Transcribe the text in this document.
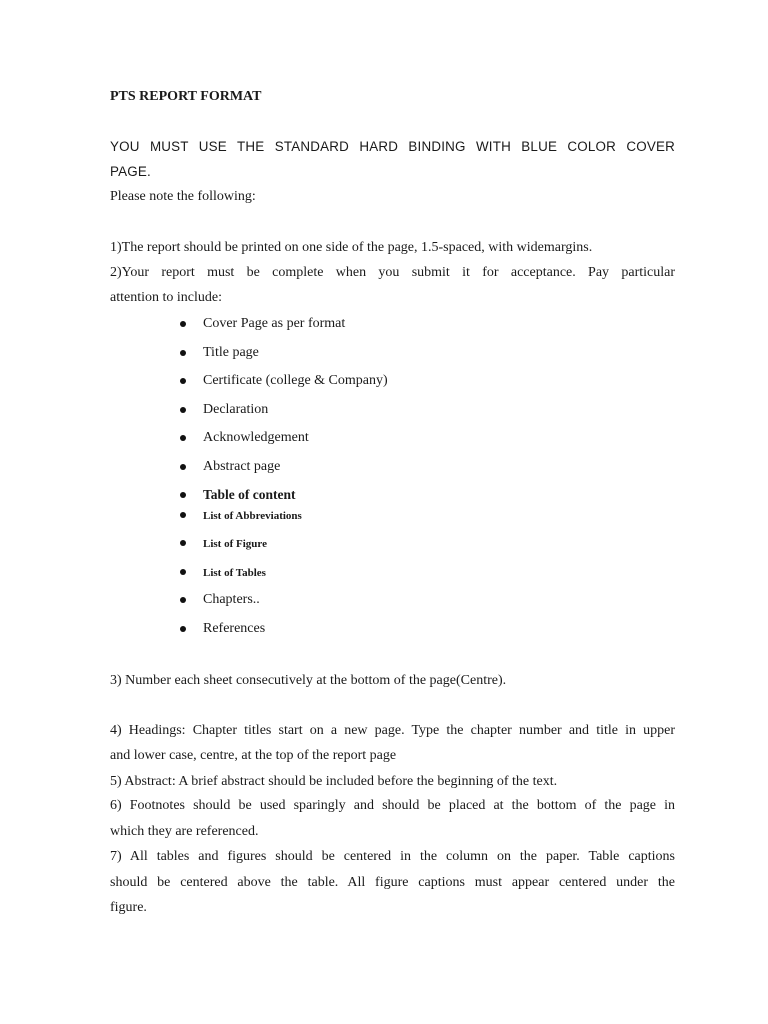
PTS REPORT FORMAT
YOU MUST USE THE STANDARD HARD BINDING WITH BLUE COLOR COVER
PAGE.
Please note the following:
1)The report should be printed on one side of the page, 1.5-spaced, with widemargins.
2)Your report must be complete when you submit it for acceptance. Pay particular
attention to include:
Cover Page as per format
Title page
Certificate (college & Company)
Declaration
Acknowledgement
Abstract page
Table of content
List of Abbreviations
List of Figure
List of Tables
Chapters..
References
3) Number each sheet consecutively at the bottom of the page(Centre).
4) Headings: Chapter titles start on a new page. Type the chapter number and title in upper
and lower case, centre, at the top of the report page
5) Abstract: A brief abstract should be included before the beginning of the text.
6) Footnotes should be used sparingly and should be placed at the bottom of the page in
which they are referenced.
7) All tables and figures should be centered in the column on the paper. Table captions
should be centered above the table. All figure captions must appear centered under the
figure.
